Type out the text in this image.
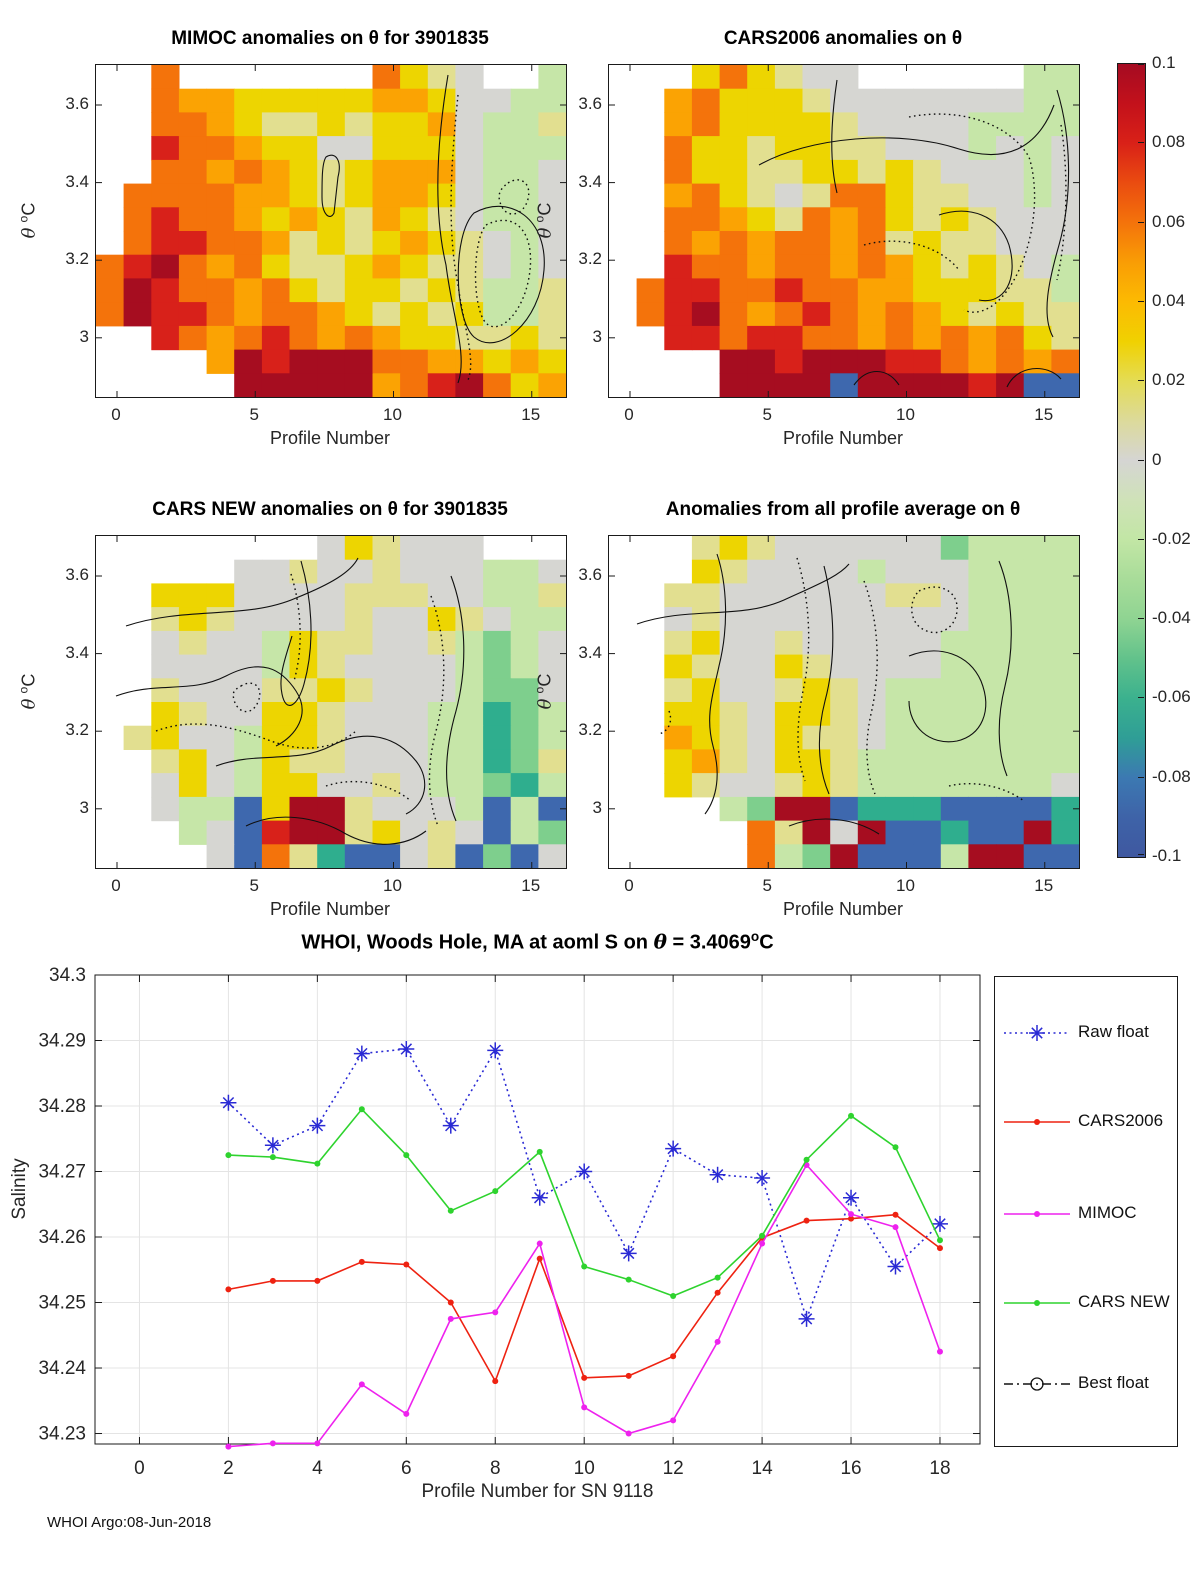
MIMOC anomalies on θ for 3901835	CARS2006 anomalies on θ
CARS NEW anomalies on θ for 3901835	Anomalies from all profile average on θ
Profile Number	Profile Number
Profile Number	Profile Number
θ $^o$C
θ $^o$C
θ $^o$C
θ $^o$C
WHOI, Woods Hole, MA at aoml S on $\theta = 3.4069^oC$
0	2	4	6	8	10	12	14	16	18
34.23
34.24
34.25
34.26
34.27
34.28
34.29
34.3
Raw float
CARS2006
MIMOC
CARS NEW
Best float
Profile Number for SN 9118
Salinity
WHOI Argo:08-Jun-2018
0	5	10	15
3.6
3.4
3.2
3
0	5	10	15
3.6
3.4
3.2
3
0	5	10	15
3.6
3.4
3.2
3
0	5	10	15
3.6
3.4
3.2
3
0.1
0.08
0.06
0.04
0.02
0
-0.02
-0.04
-0.06
-0.08
-0.1
